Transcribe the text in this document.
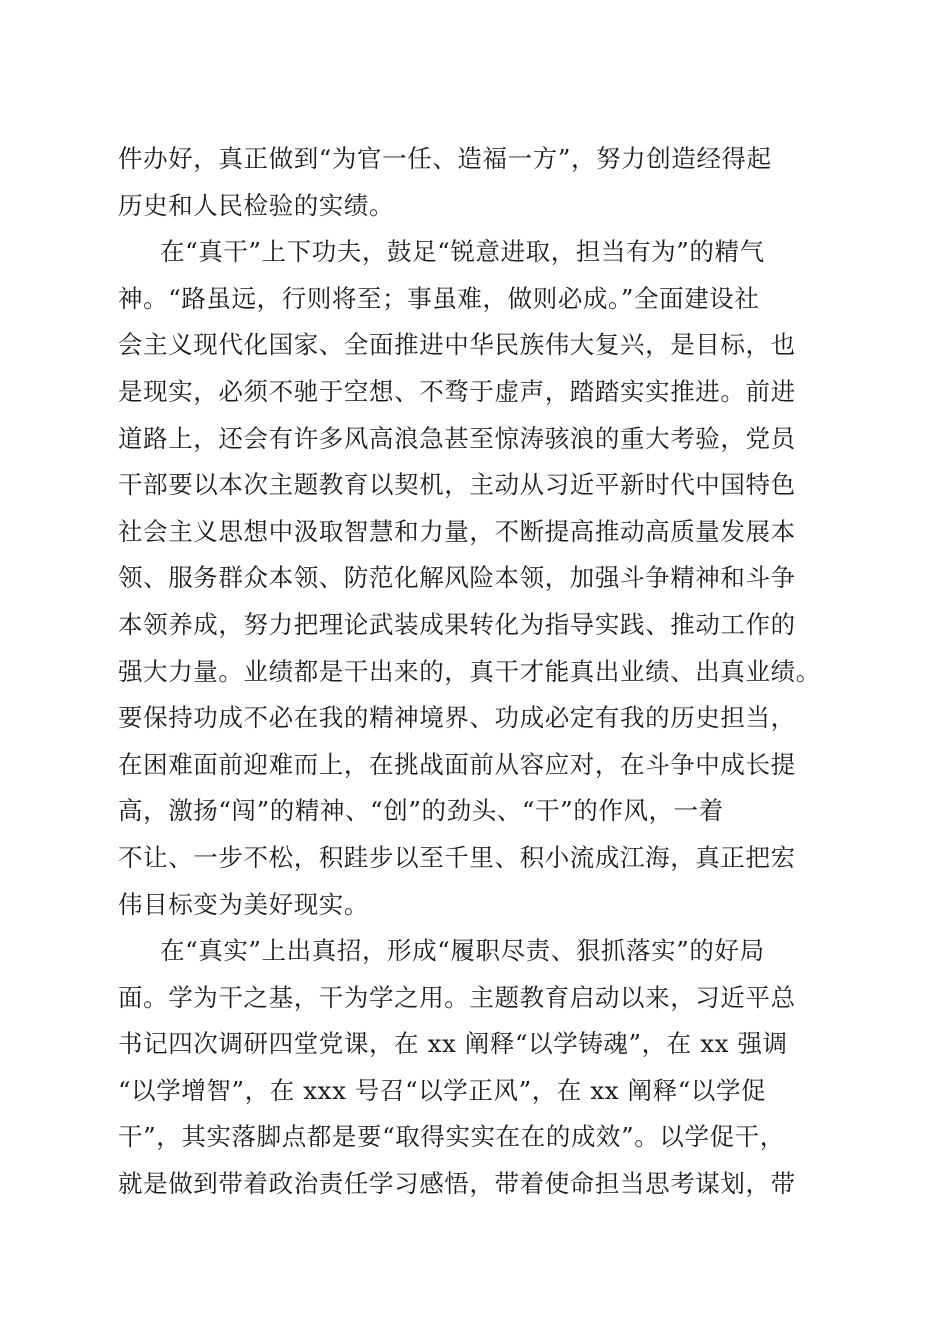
件办好，真正做到“为官一任、造福一方”，努力创造经得起
历史和人民检验的实绩。
在“真干”上下功夫，鼓足“锐意进取，担当有为”的精气
神。“路虽远，行则将至；事虽难，做则必成。”全面建设社
会主义现代化国家、全面推进中华民族伟大复兴，是目标，也
是现实，必须不驰于空想、不骛于虚声，踏踏实实推进。前进
道路上，还会有许多风高浪急甚至惊涛骇浪的重大考验，党员
干部要以本次主题教育以契机，主动从习近平新时代中国特色
社会主义思想中汲取智慧和力量，不断提高推动高质量发展本
领、服务群众本领、防范化解风险本领，加强斗争精神和斗争
本领养成，努力把理论武装成果转化为指导实践、推动工作的
强大力量。业绩都是干出来的，真干才能真出业绩、出真业绩。
要保持功成不必在我的精神境界、功成必定有我的历史担当，
在困难面前迎难而上，在挑战面前从容应对，在斗争中成长提
高，激扬“闯”的精神、“创”的劲头、“干”的作风，一着
不让、一步不松，积跬步以至千里、积小流成江海，真正把宏
伟目标变为美好现实。
在“真实”上出真招，形成“履职尽责、狠抓落实”的好局
面。学为干之基，干为学之用。主题教育启动以来，习近平总
书记四次调研四堂党课，在 xx 阐释“以学铸魂”，在 xx 强调
“以学增智”，在 xxx 号召“以学正风”，在 xx 阐释“以学促
干”，其实落脚点都是要“取得实实在在的成效”。以学促干，
就是做到带着政治责任学习感悟，带着使命担当思考谋划，带
